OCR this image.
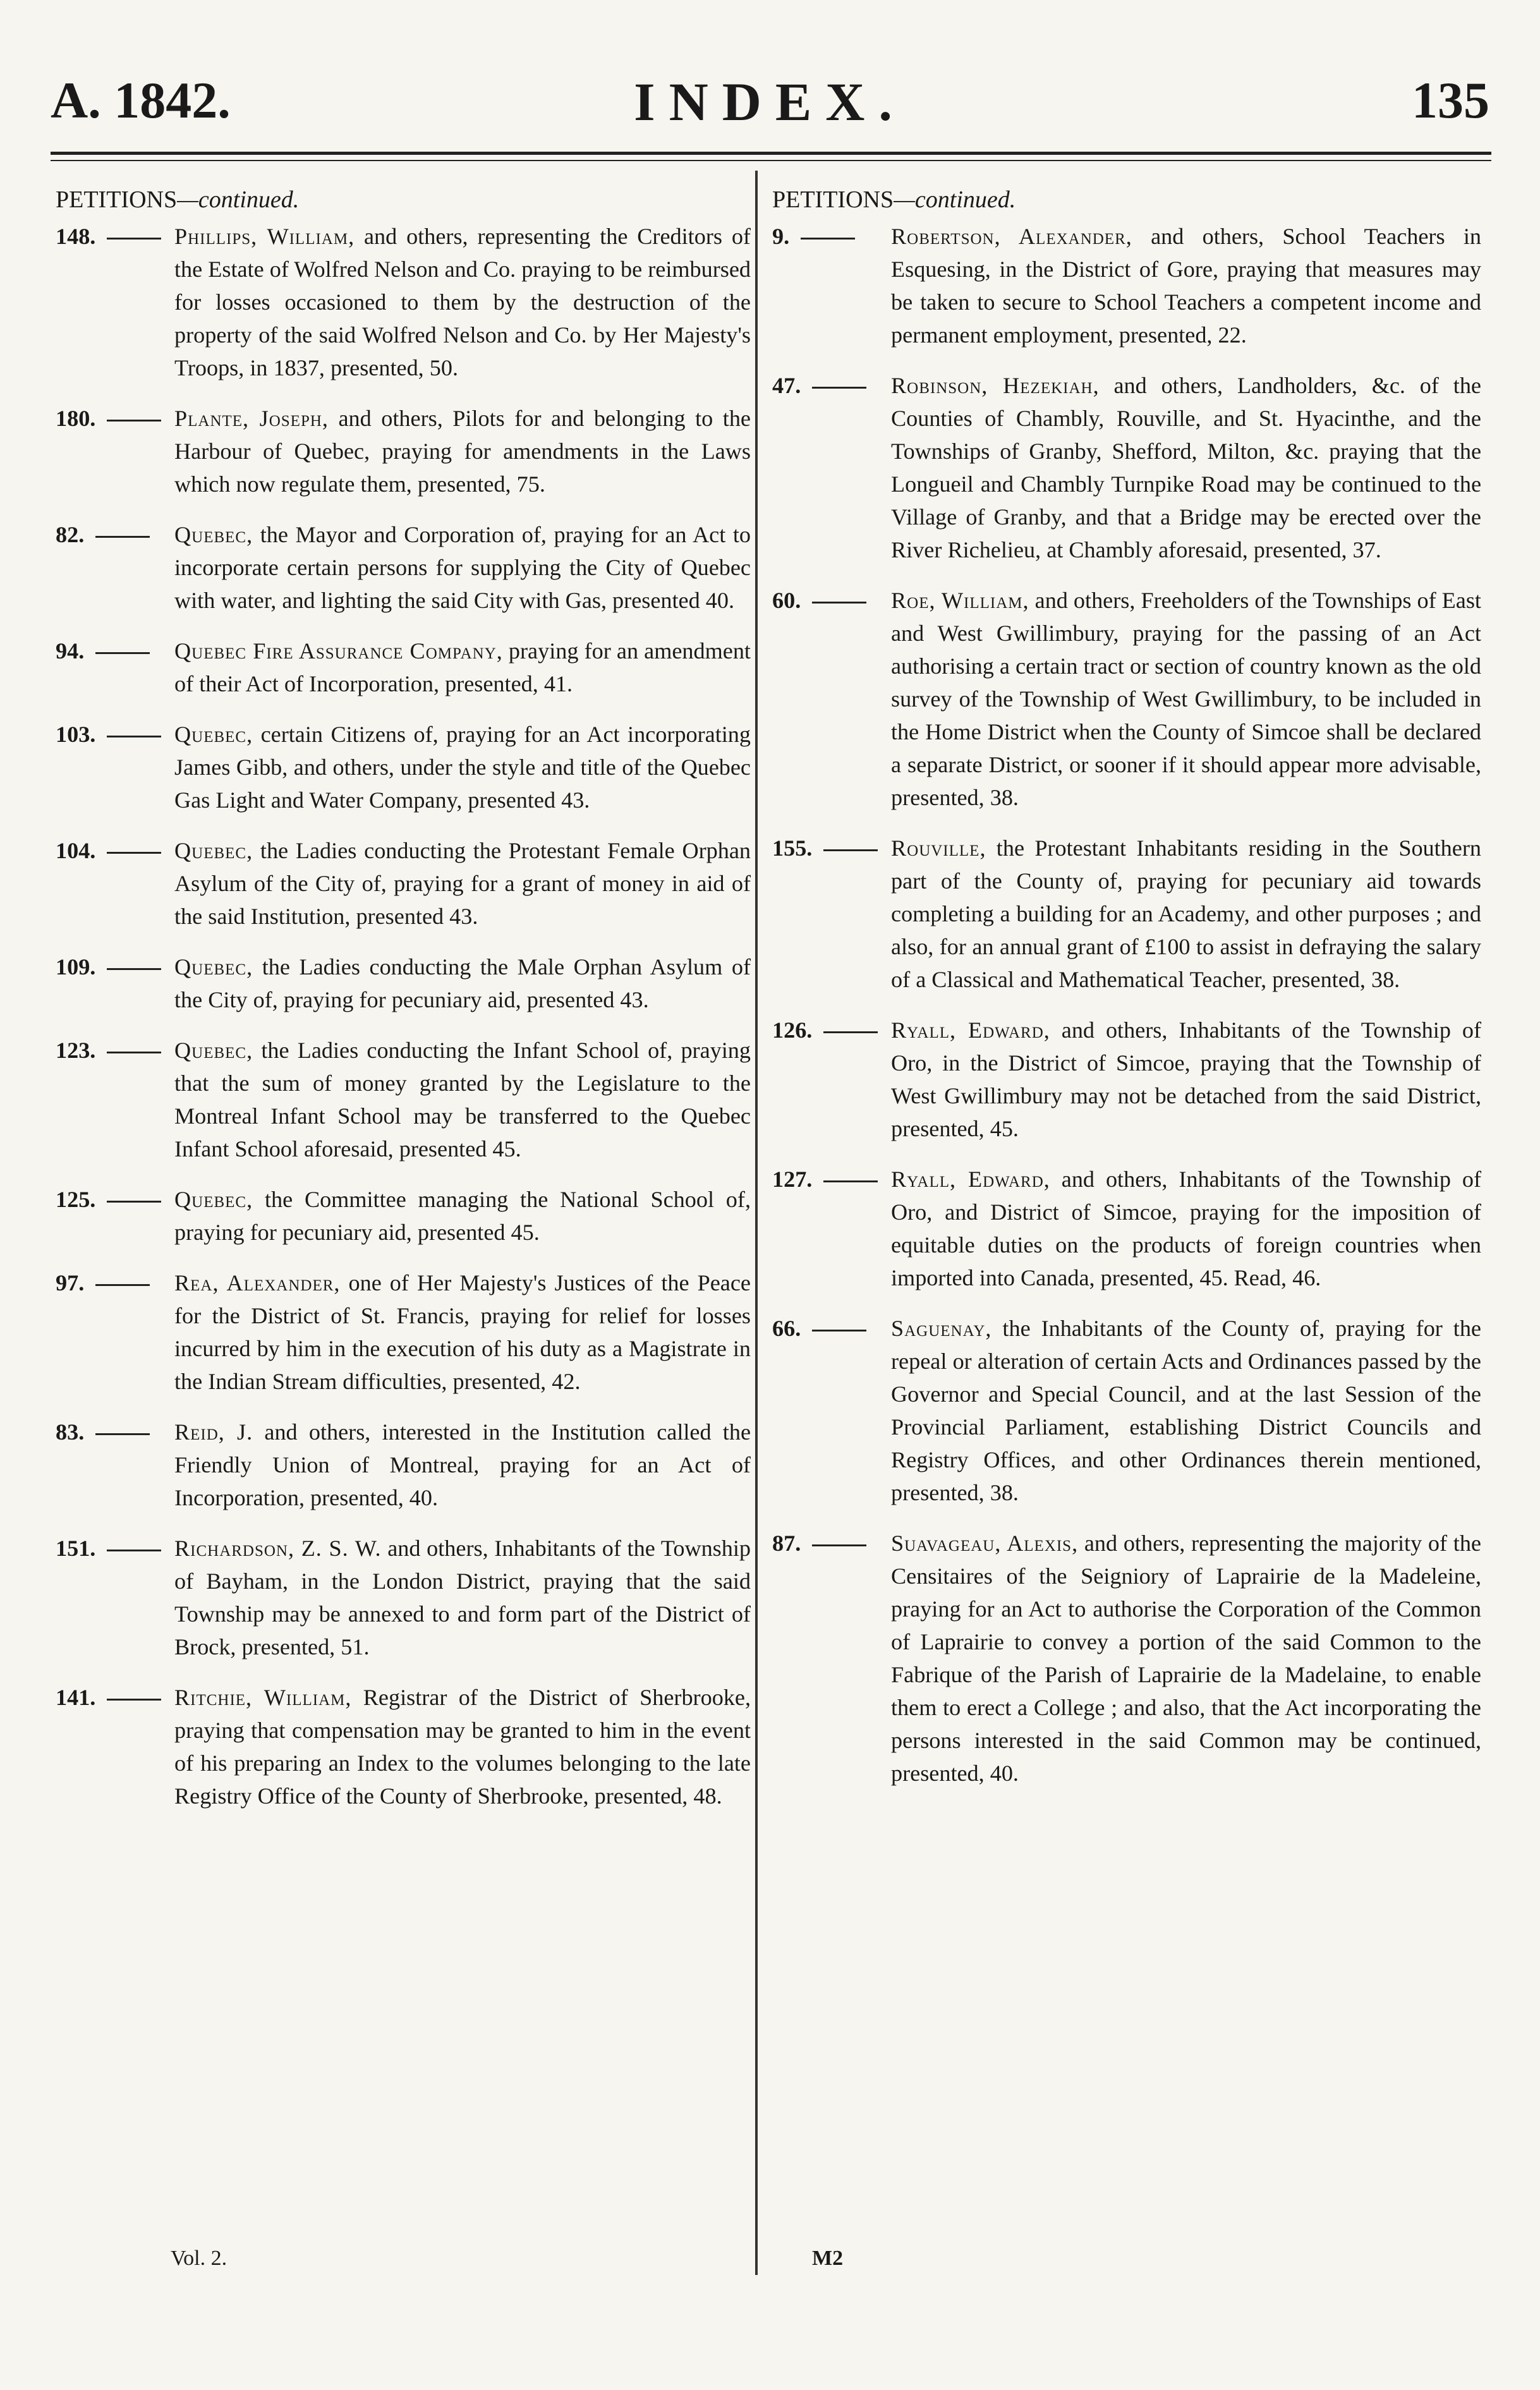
A. 1842.	INDEX.	135
PETITIONS—continued.
148.	Phillips, William, and others, representing the Creditors of the Estate of Wolfred Nelson and Co. praying to be reimbursed for losses occasioned to them by the destruction of the property of the said Wolfred Nelson and Co. by Her Majesty's Troops, in 1837, presented, 50.
180.	Plante, Joseph, and others, Pilots for and belonging to the Harbour of Quebec, praying for amendments in the Laws which now regulate them, presented, 75.
82.	Quebec, the Mayor and Corporation of, praying for an Act to incorporate certain persons for supplying the City of Quebec with water, and lighting the said City with Gas, presented 40.
94.	Quebec Fire Assurance Company, praying for an amendment of their Act of Incorporation, presented, 41.
103.	Quebec, certain Citizens of, praying for an Act incorporating James Gibb, and others, under the style and title of the Quebec Gas Light and Water Company, presented 43.
104.	Quebec, the Ladies conducting the Protestant Female Orphan Asylum of the City of, praying for a grant of money in aid of the said Institution, presented 43.
109.	Quebec, the Ladies conducting the Male Orphan Asylum of the City of, praying for pecuniary aid, presented 43.
123.	Quebec, the Ladies conducting the Infant School of, praying that the sum of money granted by the Legislature to the Montreal Infant School may be transferred to the Quebec Infant School aforesaid, presented 45.
125.	Quebec, the Committee managing the National School of, praying for pecuniary aid, presented 45.
97.	Rea, Alexander, one of Her Majesty's Justices of the Peace for the District of St. Francis, praying for relief for losses incurred by him in the execution of his duty as a Magistrate in the Indian Stream difficulties, presented, 42.
83.	Reid, J. and others, interested in the Institution called the Friendly Union of Montreal, praying for an Act of Incorporation, presented, 40.
151.	Richardson, Z. S. W. and others, Inhabitants of the Township of Bayham, in the London District, praying that the said Township may be annexed to and form part of the District of Brock, presented, 51.
141.	Ritchie, William, Registrar of the District of Sherbrooke, praying that compensation may be granted to him in the event of his preparing an Index to the volumes belonging to the late Registry Office of the County of Sherbrooke, presented, 48.
PETITIONS—continued.
9.	Robertson, Alexander, and others, School Teachers in Esquesing, in the District of Gore, praying that measures may be taken to secure to School Teachers a competent income and permanent employment, presented, 22.
47.	Robinson, Hezekiah, and others, Landholders, &c. of the Counties of Chambly, Rouville, and St. Hyacinthe, and the Townships of Granby, Shefford, Milton, &c. praying that the Longueil and Chambly Turnpike Road may be continued to the Village of Granby, and that a Bridge may be erected over the River Richelieu, at Chambly aforesaid, presented, 37.
60.	Roe, William, and others, Freeholders of the Townships of East and West Gwillimbury, praying for the passing of an Act authorising a certain tract or section of country known as the old survey of the Township of West Gwillimbury, to be included in the Home District when the County of Simcoe shall be declared a separate District, or sooner if it should appear more advisable, presented, 38.
155.	Rouville, the Protestant Inhabitants residing in the Southern part of the County of, praying for pecuniary aid towards completing a building for an Academy, and other purposes ; and also, for an annual grant of £100 to assist in defraying the salary of a Classical and Mathematical Teacher, presented, 38.
126.	Ryall, Edward, and others, Inhabitants of the Township of Oro, in the District of Simcoe, praying that the Township of West Gwillimbury may not be detached from the said District, presented, 45.
127.	Ryall, Edward, and others, Inhabitants of the Township of Oro, and District of Simcoe, praying for the imposition of equitable duties on the products of foreign countries when imported into Canada, presented, 45. Read, 46.
66.	Saguenay, the Inhabitants of the County of, praying for the repeal or alteration of certain Acts and Ordinances passed by the Governor and Special Council, and at the last Session of the Provincial Parliament, establishing District Councils and Registry Offices, and other Ordinances therein mentioned, presented, 38.
87.	Suavageau, Alexis, and others, representing the majority of the Censitaires of the Seigniory of Laprairie de la Madeleine, praying for an Act to authorise the Corporation of the Common of Laprairie to convey a portion of the said Common to the Fabrique of the Parish of Laprairie de la Madelaine, to enable them to erect a College ; and also, that the Act incorporating the persons interested in the said Common may be continued, presented, 40.
Vol. 2.	M2
